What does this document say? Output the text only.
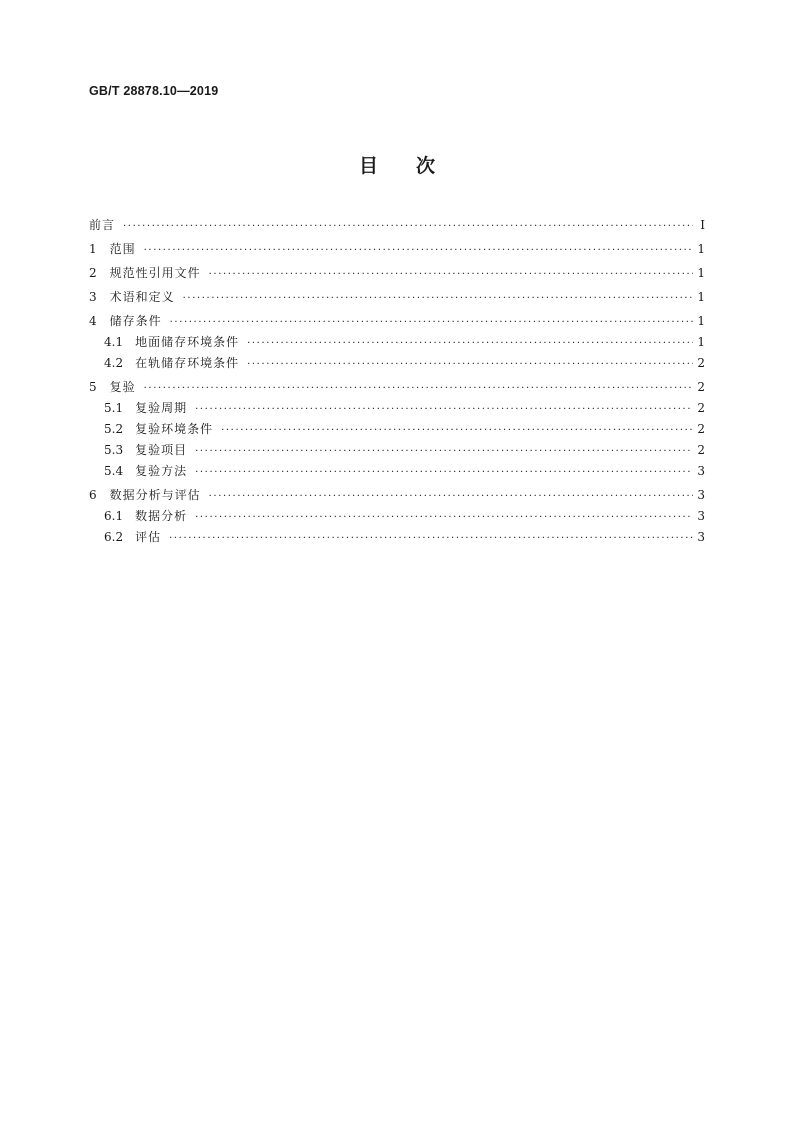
GB/T 28878.10—2019
目次
前言 ·····	Ⅰ
1 范围 ·····	1
2 规范性引用文件 ·····	1
3 术语和定义 ·····	1
4 储存条件 ·····	1
4.1 地面储存环境条件 ·····	1
4.2 在轨储存环境条件 ·····	2
5 复验 ·····	2
5.1 复验周期 ·····	2
5.2 复验环境条件 ·····	2
5.3 复验项目 ·····	2
5.4 复验方法 ·····	3
6 数据分析与评估 ·····	3
6.1 数据分析 ·····	3
6.2 评估 ·····	3
